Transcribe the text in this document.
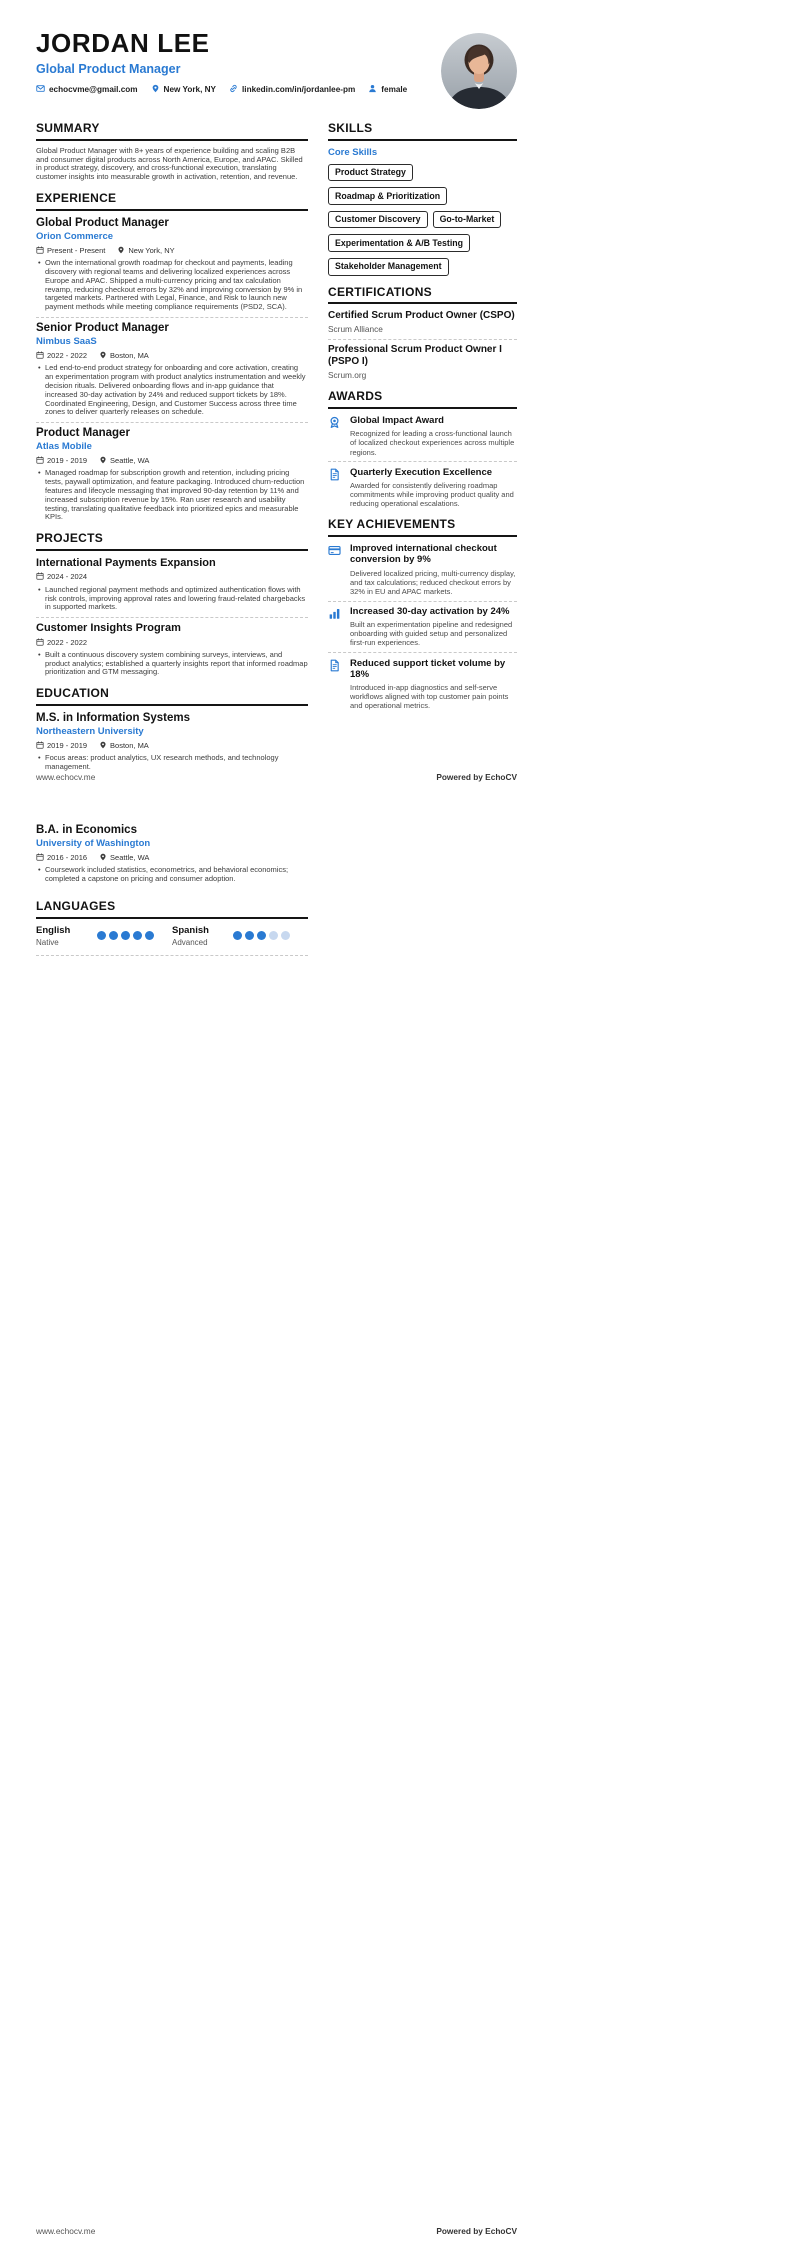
JORDAN LEE
Global Product Manager
echocvme@gmail.com	New York, NY	linkedin.com/in/jordanlee-pm	female
SUMMARY
Global Product Manager with 8+ years of experience building and scaling B2B and consumer digital products across North America, Europe, and APAC. Skilled in product strategy, discovery, and cross-functional execution, translating customer insights into measurable growth in activation, retention, and revenue.
EXPERIENCE
Global Product Manager
Orion Commerce
Present - Present	New York, NY
• Own the international growth roadmap for checkout and payments, leading discovery with regional teams and delivering localized experiences across Europe and APAC. Shipped a multi-currency pricing and tax calculation revamp, reducing checkout errors by 32% and improving conversion by 9% in targeted markets. Partnered with Legal, Finance, and Risk to launch new payment methods while meeting compliance requirements (PSD2, SCA).
Senior Product Manager
Nimbus SaaS
2022 - 2022	Boston, MA
• Led end-to-end product strategy for onboarding and core activation, creating an experimentation program with product analytics instrumentation and weekly decision rituals. Delivered onboarding flows and in-app guidance that increased 30-day activation by 24% and reduced support tickets by 18%. Coordinated Engineering, Design, and Customer Success across three time zones to deliver quarterly releases on schedule.
Product Manager
Atlas Mobile
2019 - 2019	Seattle, WA
• Managed roadmap for subscription growth and retention, including pricing tests, paywall optimization, and feature packaging. Introduced churn-reduction features and lifecycle messaging that improved 90-day retention by 11% and increased subscription revenue by 15%. Ran user research and usability testing, translating qualitative feedback into prioritized epics and measurable KPIs.
PROJECTS
International Payments Expansion
2024 - 2024
• Launched regional payment methods and optimized authentication flows with risk controls, improving approval rates and lowering fraud-related chargebacks in supported markets.
Customer Insights Program
2022 - 2022
• Built a continuous discovery system combining surveys, interviews, and product analytics; established a quarterly insights report that informed roadmap prioritization and GTM messaging.
EDUCATION
M.S. in Information Systems
Northeastern University
2019 - 2019	Boston, MA
• Focus areas: product analytics, UX research methods, and technology management.
SKILLS
Core Skills
Product Strategy
Roadmap & Prioritization
Customer Discovery	Go-to-Market
Experimentation & A/B Testing
Stakeholder Management
CERTIFICATIONS
Certified Scrum Product Owner (CSPO)
Scrum Alliance
Professional Scrum Product Owner I (PSPO I)
Scrum.org
AWARDS
Global Impact Award
Recognized for leading a cross-functional launch of localized checkout experiences across multiple regions.
Quarterly Execution Excellence
Awarded for consistently delivering roadmap commitments while improving product quality and reducing operational escalations.
KEY ACHIEVEMENTS
Improved international checkout conversion by 9%
Delivered localized pricing, multi-currency display, and tax calculations; reduced checkout errors by 32% in EU and APAC markets.
Increased 30-day activation by 24%
Built an experimentation pipeline and redesigned onboarding with guided setup and personalized first-run experiences.
Reduced support ticket volume by 18%
Introduced in-app diagnostics and self-serve workflows aligned with top customer pain points and operational metrics.
www.echocv.me	Powered by EchoCV
B.A. in Economics
University of Washington
2016 - 2016	Seattle, WA
• Coursework included statistics, econometrics, and behavioral economics; completed a capstone on pricing and consumer adoption.
LANGUAGES
English
Native
Spanish
Advanced
www.echocv.me	Powered by EchoCV
